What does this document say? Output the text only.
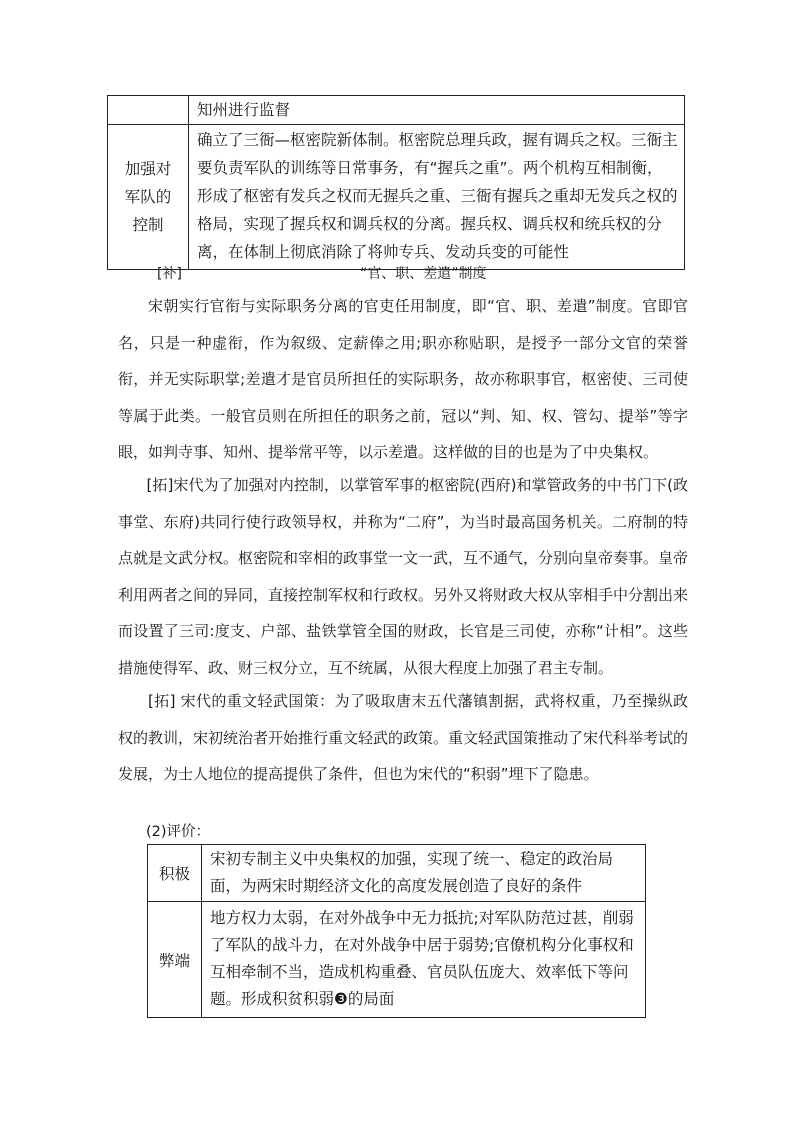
	知州进行监督

加强对军队的控制	确立了三衙—枢密院新体制。枢密院总理兵政，握有调兵之权。三衙主要负责军队的训练等日常事务，有“握兵之重”。两个机构互相制衡，形成了枢密有发兵之权而无握兵之重、三衙有握兵之重却无发兵之权的格局，实现了握兵权和调兵权的分离。握兵权、调兵权和统兵权的分离，在体制上彻底消除了将帅专兵、发动兵变的可能性
[补]	“官、职、差遣”制度

宋朝实行官衔与实际职务分离的官吏任用制度，即“官、职、差遣”制度。官即官名，只是一种虚衔，作为叙级、定薪俸之用;职亦称贴职，是授予一部分文官的荣誉衔，并无实际职掌;差遣才是官员所担任的实际职务，故亦称职事官，枢密使、三司使等属于此类。一般官员则在所担任的职务之前，冠以“判、知、权、管勾、提举”等字眼，如判寺事、知州、提举常平等，以示差遣。这样做的目的也是为了中央集权。

[拓]宋代为了加强对内控制，以掌管军事的枢密院(西府)和掌管政务的中书门下(政事堂、东府)共同行使行政领导权，并称为“二府”，为当时最高国务机关。二府制的特点就是文武分权。枢密院和宰相的政事堂一文一武，互不通气，分别向皇帝奏事。皇帝利用两者之间的异同，直接控制军权和行政权。另外又将财政大权从宰相手中分割出来而设置了三司:度支、户部、盐铁掌管全国的财政，长官是三司使，亦称“计相”。这些措施使得军、政、财三权分立，互不统属，从很大程度上加强了君主专制。

[拓] 宋代的重文轻武国策：为了吸取唐末五代藩镇割据，武将权重，乃至操纵政权的教训，宋初统治者开始推行重文轻武的政策。重文轻武国策推动了宋代科举考试的发展，为士人地位的提高提供了条件，但也为宋代的“积弱”埋下了隐患。

(2)评价：
积极	宋初专制主义中央集权的加强，实现了统一、稳定的政治局面，为两宋时期经济文化的高度发展创造了良好的条件
弊端	地方权力太弱，在对外战争中无力抵抗;对军队防范过甚，削弱了军队的战斗力，在对外战争中居于弱势;官僚机构分化事权和互相牵制不当，造成机构重叠、官员队伍庞大、效率低下等问题。形成积贫积弱❸的局面
